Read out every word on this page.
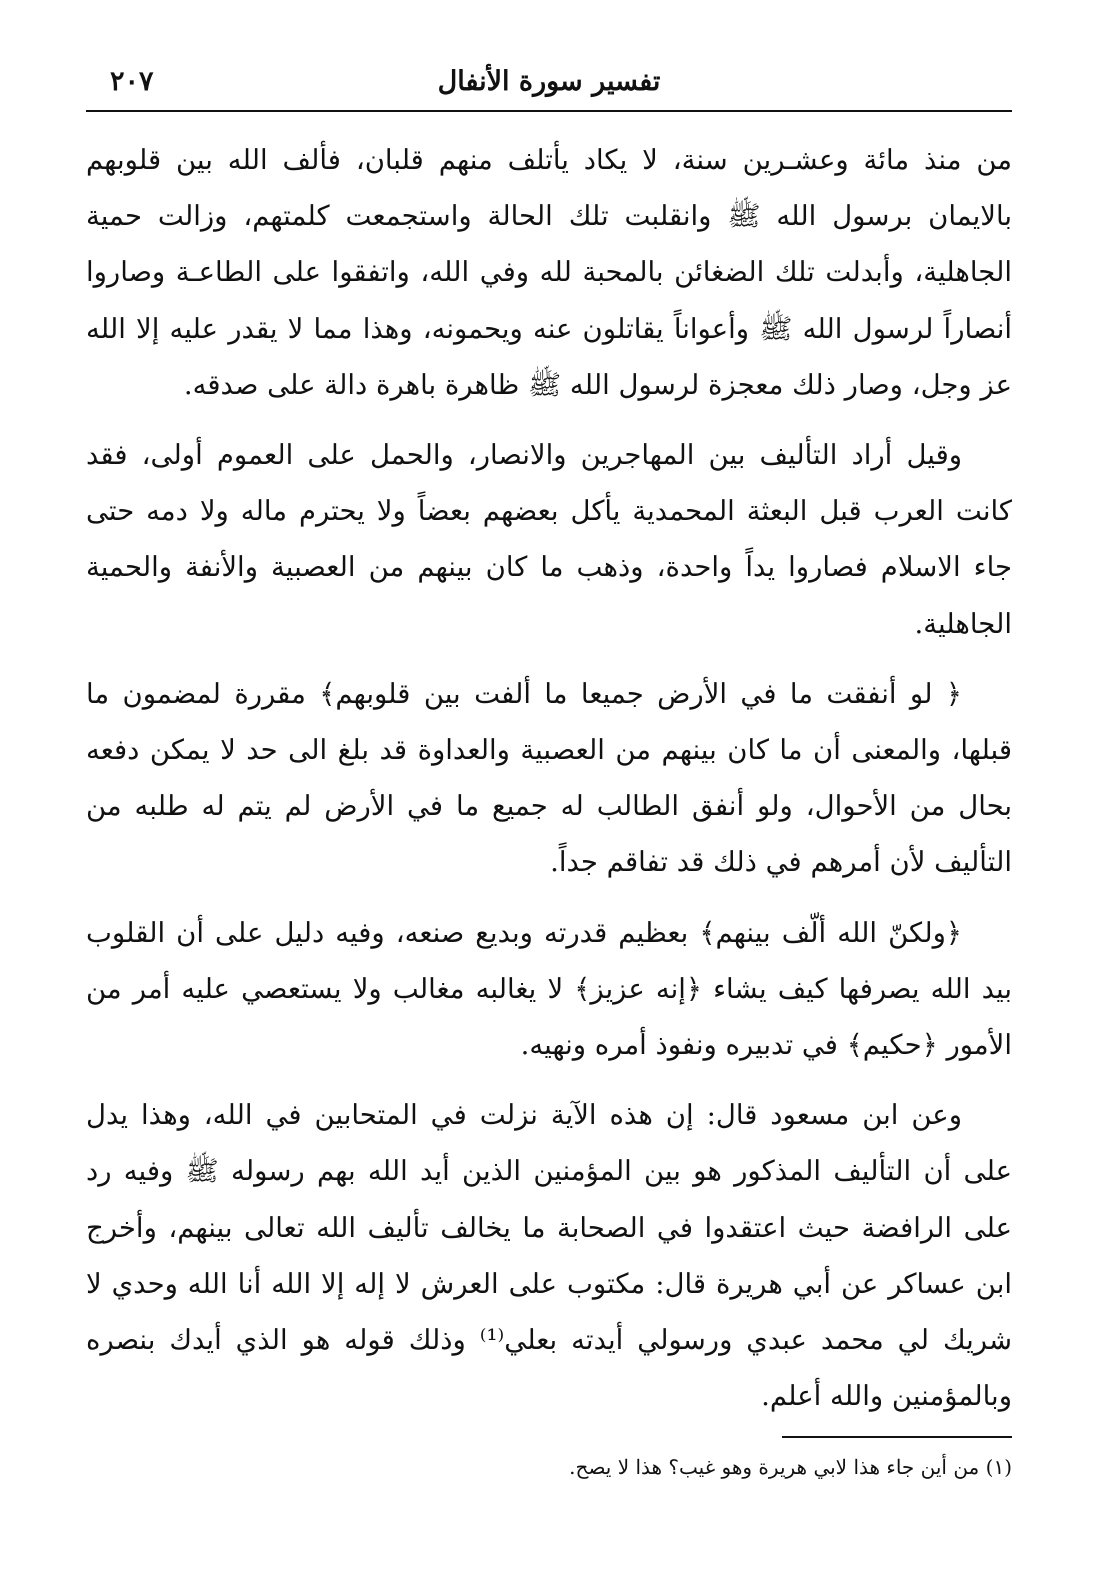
تفسير سورة الأنفال
٢٠٧

من منذ مائة وعشـرين سنة، لا يكاد يأتلف منهم قلبان، فألف الله بين قلوبهم بالايمان برسول الله ﷺ وانقلبت تلك الحالة واستجمعت كلمتهم، وزالت حمية الجاهلية، وأبدلت تلك الضغائن بالمحبة لله وفي الله، واتفقوا على الطاعـة وصاروا أنصاراً لرسول الله ﷺ وأعواناً يقاتلون عنه ويحمونه، وهذا مما لا يقدر عليه إلا الله عز وجل، وصار ذلك معجزة لرسول الله ﷺ ظاهرة باهرة دالة على صدقه.

وقيل أراد التأليف بين المهاجرين والانصار، والحمل على العموم أولى، فقد كانت العرب قبل البعثة المحمدية يأكل بعضهم بعضاً ولا يحترم ماله ولا دمه حتى جاء الاسلام فصاروا يداً واحدة، وذهب ما كان بينهم من العصبية والأنفة والحمية الجاهلية.

﴿ لو أنفقت ما في الأرض جميعا ما ألفت بين قلوبهم﴾ مقررة لمضمون ما قبلها، والمعنى أن ما كان بينهم من العصبية والعداوة قد بلغ الى حد لا يمكن دفعه بحال من الأحوال، ولو أنفق الطالب له جميع ما في الأرض لم يتم له طلبه من التأليف لأن أمرهم في ذلك قد تفاقم جداً.

﴿ولكنّ الله ألّف بينهم﴾ بعظيم قدرته وبديع صنعه، وفيه دليل على أن القلوب بيد الله يصرفها كيف يشاء ﴿إنه عزيز﴾ لا يغالبه مغالب ولا يستعصي عليه أمر من الأمور ﴿حكيم﴾ في تدبيره ونفوذ أمره ونهيه.

وعن ابن مسعود قال: إن هذه الآية نزلت في المتحابين في الله، وهذا يدل على أن التأليف المذكور هو بين المؤمنين الذين أيد الله بهم رسوله ﷺ وفيه رد على الرافضة حيث اعتقدوا في الصحابة ما يخالف تأليف الله تعالى بينهم، وأخرج ابن عساكر عن أبي هريرة قال: مكتوب على العرش لا إله إلا الله أنا الله وحدي لا شريك لي محمد عبدي ورسولي أيدته بعلي⁽¹⁾ وذلك قوله هو الذي أيدك بنصره وبالمؤمنين والله أعلم.

(١) من أين جاء هذا لابي هريرة وهو غيب؟ هذا لا يصح.
